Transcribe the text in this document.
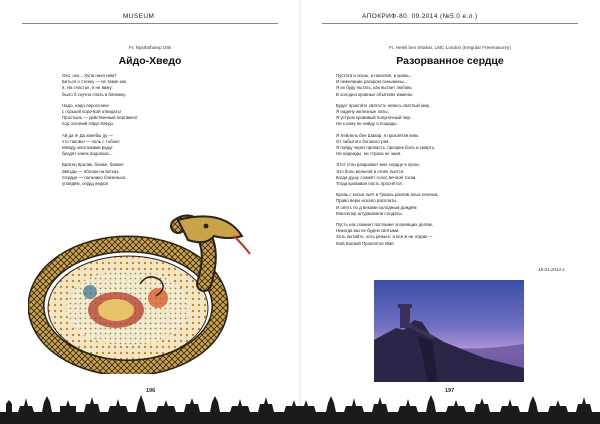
MUSEUM
Fr. Nyarlathotep Otis
Айдо-Хведо
Охо, охо... Хули нихя ним?
Биться о стенку — не такие как
я. На счастье, я не вижу:
было б скучно спать в блинжку.
Надо, надо пирога мне
с горькой корочкой отведать!
Простынь — девственный пергамент
под осенний Айдо-Хведо.
Ай да я! Да хвеёбы ду —
что таково! — поль с тобою!
Между хвостиками радуг
бродят конях водолюю...
Братец Кролик, ближе, ближе!
Звёзды — яблоки на ветках.
Сердце — пальчико близенька:
упоидём, сердц ведка!
196
АПОКРИФ-80. 09.2014 (№5.0 е.л.)
Fr. Heleil ben Shahar, LMC-London (Irregular Freemasonry)
Разорванное сердце
Пустота и огонь, и насилие, и кровь...
И нежелание раскрою сеныжены...
Я их буду пытать, как пытает любовь
В холодно кровных объятиях измены.
Будет прокляте святость невесь светлый мир,
Я надену железные латы,
Я устрою кровавый полуночный пир.
Ни к кому не найду я пощады.
Я Хейлель бен Шахар, я проклятая кипь
От забытого богового рая.
Я пойду через пропасть, презрев боль и смерть,
Ни надежды, ни страха не зная.
Этот стон разрывает мне сердце в куски,
Это боль вольной в огнях льется.
Когда душу сожжёт голос вечной тоски,
Тогда кровавая пасть проснётся.
Кровь с копья льёт в Грааль разлив алых ключом,
Право веры искало расплаты.
И опять по д веками холодным дождём
Монсегюр штурмовали солдаты.
Пусть нас покинет послание злоаевщих делам,
Никогда мы не будем святыми.
Хоть пытайте, хоть режьте, и всё ж не отдам —
Мой Боевой Проклятое Имя.
18.01.2014 г.
197
